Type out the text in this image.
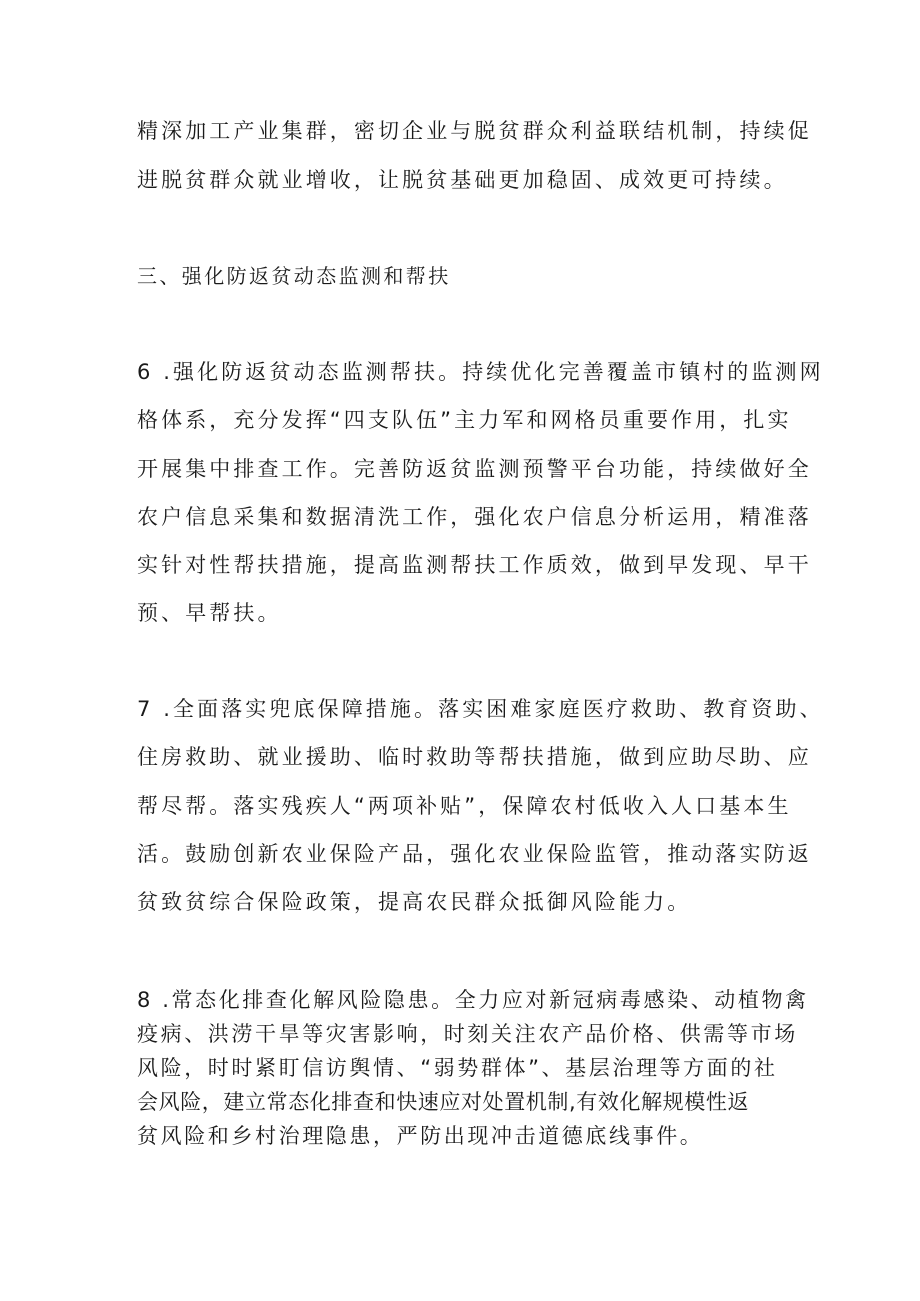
精深加工产业集群，密切企业与脱贫群众利益联结机制，持续促
进脱贫群众就业增收，让脱贫基础更加稳固、成效更可持续。
三、强化防返贫动态监测和帮扶
6 .强化防返贫动态监测帮扶。持续优化完善覆盖市镇村的监测网
格体系，充分发挥“四支队伍”主力军和网格员重要作用，扎实
开展集中排查工作。完善防返贫监测预警平台功能，持续做好全
农户信息采集和数据清洗工作，强化农户信息分析运用，精准落
实针对性帮扶措施，提高监测帮扶工作质效，做到早发现、早干
预、早帮扶。
7 .全面落实兜底保障措施。落实困难家庭医疗救助、教育资助、
住房救助、就业援助、临时救助等帮扶措施，做到应助尽助、应
帮尽帮。落实残疾人“两项补贴”，保障农村低收入人口基本生
活。鼓励创新农业保险产品，强化农业保险监管，推动落实防返
贫致贫综合保险政策，提高农民群众抵御风险能力。
8 .常态化排查化解风险隐患。全力应对新冠病毒感染、动植物禽
疫病、洪涝干旱等灾害影响，时刻关注农产品价格、供需等市场
风险，时时紧盯信访舆情、“弱势群体”、基层治理等方面的社
会风险，建立常态化排查和快速应对处置机制,有效化解规模性返
贫风险和乡村治理隐患，严防出现冲击道德底线事件。
